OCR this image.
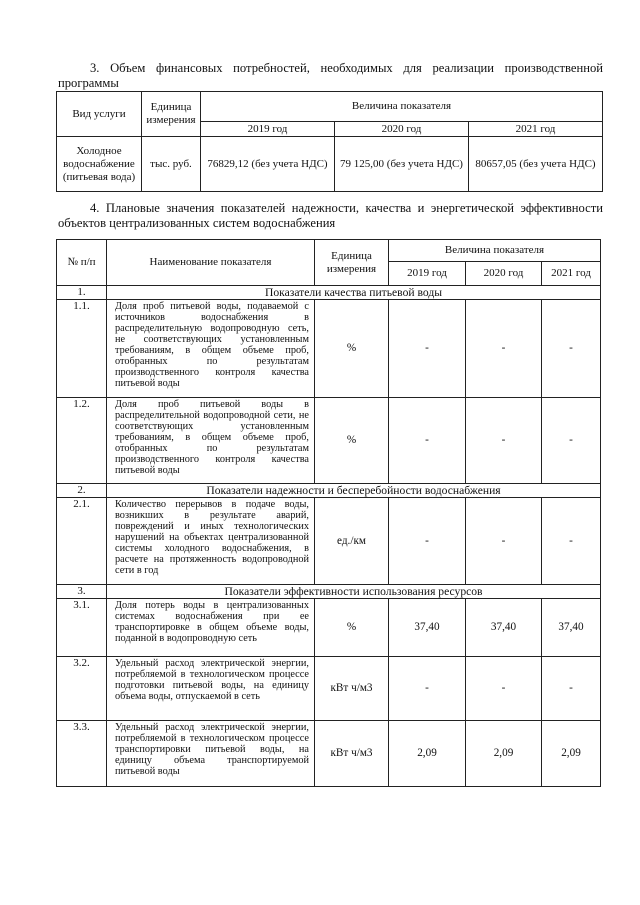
3. Объем финансовых потребностей, необходимых для реализации производственной программы
Вид услуги	Единица измерения	Величина показателя		
		2019 год	2020 год	2021 год
Холодное водоснабжение (питьевая вода)	тыс. руб.	76829,12 (без учета НДС)	79 125,00 (без учета НДС)	80657,05 (без учета НДС)
4. Плановые значения показателей надежности, качества и энергетической эффективности объектов централизованных систем водоснабжения
№ п/п	Наименование показателя	Единица измерения	Величина показателя		
			2019 год	2020 год	2021 год
1.	Показатели качества питьевой воды				
1.1.	Доля проб питьевой воды, подаваемой с источников водоснабжения в распределительную водопроводную сеть, не соответствующих установленным требованиям, в общем объеме проб, отобранных по результатам производственного контроля качества питьевой воды	%	-	-	-
1.2.	Доля проб питьевой воды в распределительной водопроводной сети, не соответствующих установленным требованиям, в общем объеме проб, отобранных по результатам производственного контроля качества питьевой воды	%	-	-	-
2.	Показатели надежности и бесперебойности водоснабжения				
2.1.	Количество перерывов в подаче воды, возникших в результате аварий, повреждений и иных технологических нарушений на объектах централизованной системы холодного водоснабжения, в расчете на протяженность водопроводной сети в год	ед./км	-	-	-
3.	Показатели эффективности использования ресурсов				
3.1.	Доля потерь воды в централизованных системах водоснабжения при ее транспортировке в общем объеме воды, поданной в водопроводную сеть	%	37,40	37,40	37,40
3.2.	Удельный расход электрической энергии, потребляемой в технологическом процессе подготовки питьевой воды, на единицу объема воды, отпускаемой в сеть	кВт ч/м3	-	-	-
3.3.	Удельный расход электрической энергии, потребляемой в технологическом процессе транспортировки питьевой воды, на единицу объема транспортируемой питьевой воды	кВт ч/м3	2,09	2,09	2,09
